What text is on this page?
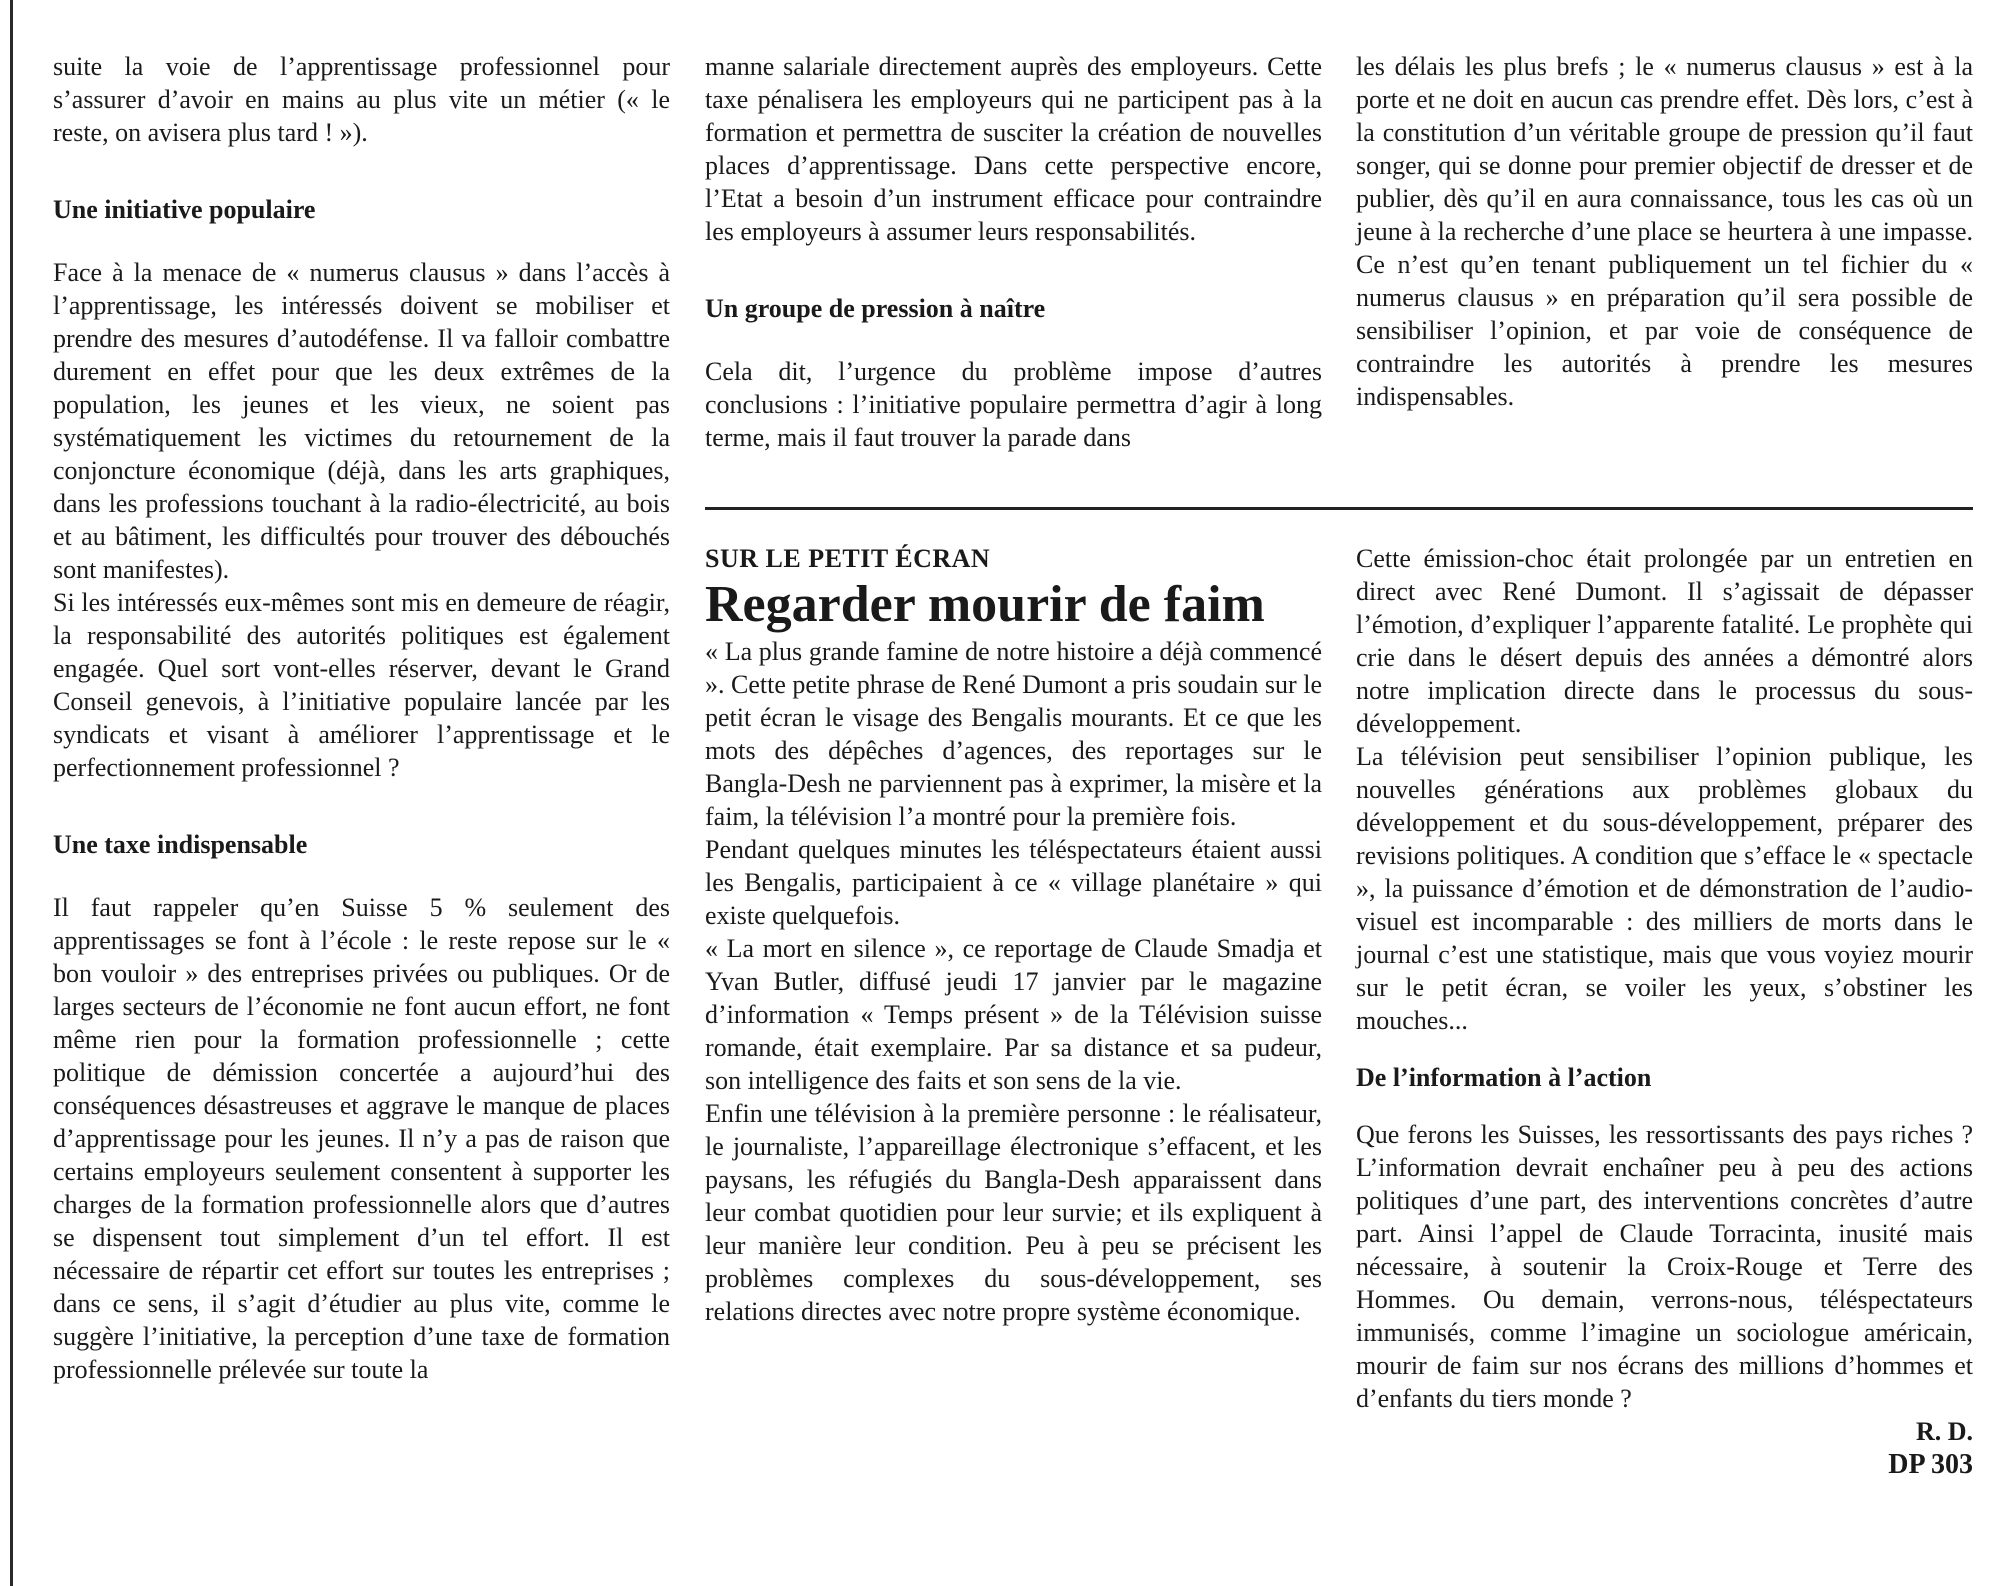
suite la voie de l’apprentissage professionnel pour s’assurer d’avoir en mains au plus vite un métier (« le reste, on avisera plus tard ! »).

Une initiative populaire

Face à la menace de « numerus clausus » dans l’accès à l’apprentissage, les intéressés doivent se mobiliser et prendre des mesures d’autodéfense. Il va falloir combattre durement en effet pour que les deux extrêmes de la population, les jeunes et les vieux, ne soient pas systématiquement les victimes du retournement de la conjoncture économique (déjà, dans les arts graphiques, dans les professions touchant à la radio-électricité, au bois et au bâtiment, les difficultés pour trouver des débouchés sont manifestes).

Si les intéressés eux-mêmes sont mis en demeure de réagir, la responsabilité des autorités politiques est également engagée. Quel sort vont-elles réserver, devant le Grand Conseil genevois, à l’initiative populaire lancée par les syndicats et visant à améliorer l’apprentissage et le perfectionnement professionnel ?

Une taxe indispensable

Il faut rappeler qu’en Suisse 5 % seulement des apprentissages se font à l’école : le reste repose sur le « bon vouloir » des entreprises privées ou publiques. Or de larges secteurs de l’économie ne font aucun effort, ne font même rien pour la formation professionnelle ; cette politique de démission concertée a aujourd’hui des conséquences désastreuses et aggrave le manque de places d’apprentissage pour les jeunes. Il n’y a pas de raison que certains employeurs seulement consentent à supporter les charges de la formation professionnelle alors que d’autres se dispensent tout simplement d’un tel effort. Il est nécessaire de répartir cet effort sur toutes les entreprises ; dans ce sens, il s’agit d’étudier au plus vite, comme le suggère l’initiative, la perception d’une taxe de formation professionnelle prélevée sur toute la

manne salariale directement auprès des employeurs. Cette taxe pénalisera les employeurs qui ne participent pas à la formation et permettra de susciter la création de nouvelles places d’apprentissage. Dans cette perspective encore, l’Etat a besoin d’un instrument efficace pour contraindre les employeurs à assumer leurs responsabilités.

Un groupe de pression à naître

Cela dit, l’urgence du problème impose d’autres conclusions : l’initiative populaire permettra d’agir à long terme, mais il faut trouver la parade dans

les délais les plus brefs ; le « numerus clausus » est à la porte et ne doit en aucun cas prendre effet. Dès lors, c’est à la constitution d’un véritable groupe de pression qu’il faut songer, qui se donne pour premier objectif de dresser et de publier, dès qu’il en aura connaissance, tous les cas où un jeune à la recherche d’une place se heurtera à une impasse. Ce n’est qu’en tenant publiquement un tel fichier du « numerus clausus » en préparation qu’il sera possible de sensibiliser l’opinion, et par voie de conséquence de contraindre les autorités à prendre les mesures indispensables.

SUR LE PETIT ÉCRAN

Regarder mourir de faim

« La plus grande famine de notre histoire a déjà commencé ». Cette petite phrase de René Dumont a pris soudain sur le petit écran le visage des Bengalis mourants. Et ce que les mots des dépêches d’agences, des reportages sur le Bangla-Desh ne parviennent pas à exprimer, la misère et la faim, la télévision l’a montré pour la première fois.

Pendant quelques minutes les téléspectateurs étaient aussi les Bengalis, participaient à ce « village planétaire » qui existe quelquefois.

« La mort en silence », ce reportage de Claude Smadja et Yvan Butler, diffusé jeudi 17 janvier par le magazine d’information « Temps présent » de la Télévision suisse romande, était exemplaire. Par sa distance et sa pudeur, son intelligence des faits et son sens de la vie.

Enfin une télévision à la première personne : le réalisateur, le journaliste, l’appareillage électronique s’effacent, et les paysans, les réfugiés du Bangla-Desh apparaissent dans leur combat quotidien pour leur survie; et ils expliquent à leur manière leur condition. Peu à peu se précisent les problèmes complexes du sous-développement, ses relations directes avec notre propre système économique.

Cette émission-choc était prolongée par un entretien en direct avec René Dumont. Il s’agissait de dépasser l’émotion, d’expliquer l’apparente fatalité. Le prophète qui crie dans le désert depuis des années a démontré alors notre implication directe dans le processus du sous-développement.

La télévision peut sensibiliser l’opinion publique, les nouvelles générations aux problèmes globaux du développement et du sous-développement, préparer des revisions politiques. A condition que s’efface le « spectacle », la puissance d’émotion et de démonstration de l’audio-visuel est incomparable : des milliers de morts dans le journal c’est une statistique, mais que vous voyiez mourir sur le petit écran, se voiler les yeux, s’obstiner les mouches...

De l’information à l’action

Que ferons les Suisses, les ressortissants des pays riches ? L’information devrait enchaîner peu à peu des actions politiques d’une part, des interventions concrètes d’autre part. Ainsi l’appel de Claude Torracinta, inusité mais nécessaire, à soutenir la Croix-Rouge et Terre des Hommes. Ou demain, verrons-nous, téléspectateurs immunisés, comme l’imagine un sociologue américain, mourir de faim sur nos écrans des millions d’hommes et d’enfants du tiers monde ?

R. D.

DP 303
